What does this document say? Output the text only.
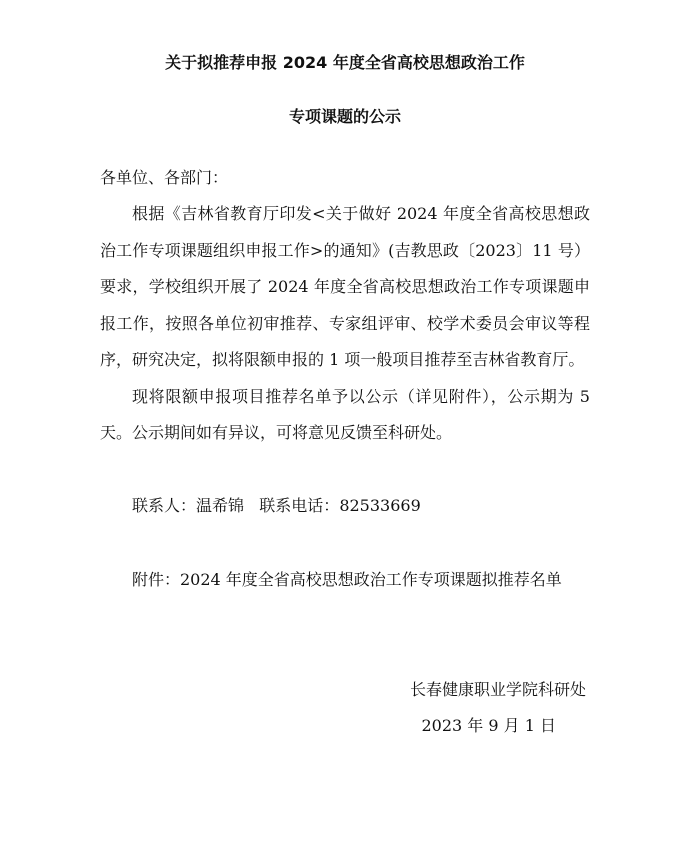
关于拟推荐申报 2024 年度全省高校思想政治工作
专项课题的公示
各单位、各部门：

根据《吉林省教育厅印发<关于做好 2024 年度全省高校思想政治工作专项课题组织申报工作>的通知》(吉教思政〔2023〕11 号）要求，学校组织开展了 2024 年度全省高校思想政治工作专项课题申报工作，按照各单位初审推荐、专家组评审、校学术委员会审议等程序，研究决定，拟将限额申报的 1 项一般项目推荐至吉林省教育厅。

现将限额申报项目推荐名单予以公示（详见附件），公示期为 5 天。公示期间如有异议，可将意见反馈至科研处。

联系人：温希锦 联系电话：82533669
附件：2024 年度全省高校思想政治工作专项课题拟推荐名单
长春健康职业学院科研处
2023 年 9 月 1 日
